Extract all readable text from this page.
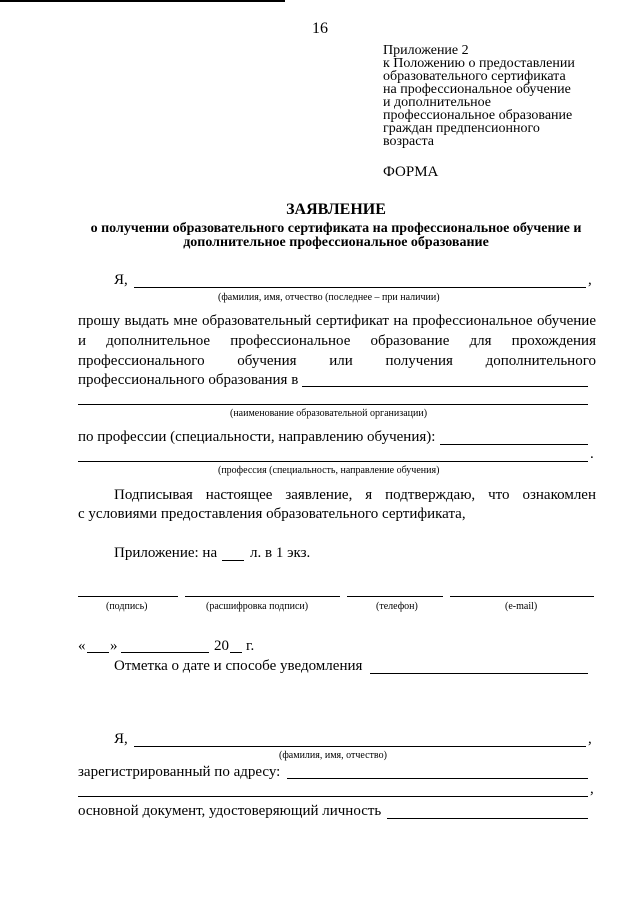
16
Приложение 2
к Положению о предоставлении
образовательного сертификата
на профессиональное обучение
и дополнительное
профессиональное образование
граждан предпенсионного
возраста
ФОРМА
ЗАЯВЛЕНИЕ
о получении образовательного сертификата на профессиональное обучение и дополнительное профессиональное образование
Я,	,
(фамилия, имя, отчество (последнее – при наличии)
прошу выдать мне образовательный сертификат на профессиональное обучение
и дополнительное профессиональное образование для прохождения
профессионального обучения или получения дополнительного
профессионального образования в
(наименование образовательной организации)
по профессии (специальности, направлению обучения):
.
(профессия (специальность, направление обучения)
Подписывая настоящее заявление, я подтверждаю, что ознакомлен
с условиями предоставления образовательного сертификата,
Приложение: на л. в 1 экз.
(подпись)	(расшифровка подписи)	(телефон)	(e-mail)
« »	20 г.
Отметка о дате и способе уведомления
Я,	,
(фамилия, имя, отчество)
зарегистрированный по адресу:
,
основной документ, удостоверяющий личность
